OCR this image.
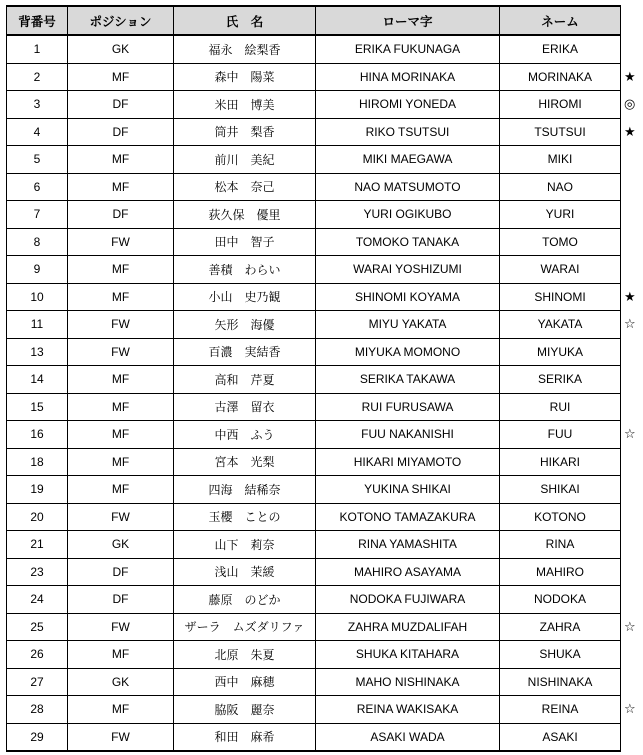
背番号	ポジション	氏　名	ローマ字	ネーム	
1	GK	福永　絵梨香	ERIKA FUKUNAGA	ERIKA	
2	MF	森中　陽菜	HINA MORINAKA	MORINAKA	★
3	DF	米田　博美	HIROMI YONEDA	HIROMI	◎
4	DF	筒井　梨香	RIKO TSUTSUI	TSUTSUI	★
5	MF	前川　美紀	MIKI MAEGAWA	MIKI	
6	MF	松本　奈己	NAO MATSUMOTO	NAO	
7	DF	荻久保　優里	YURI OGIKUBO	YURI	
8	FW	田中　智子	TOMOKO TANAKA	TOMO	
9	MF	善積　わらい	WARAI YOSHIZUMI	WARAI	
10	MF	小山　史乃観	SHINOMI KOYAMA	SHINOMI	★
11	FW	矢形　海優	MIYU YAKATA	YAKATA	☆
13	FW	百濃　実結香	MIYUKA MOMONO	MIYUKA	
14	MF	高和　芹夏	SERIKA TAKAWA	SERIKA	
15	MF	古澤　留衣	RUI FURUSAWA	RUI	
16	MF	中西　ふう	FUU NAKANISHI	FUU	☆
18	MF	宮本　光梨	HIKARI MIYAMOTO	HIKARI	
19	MF	四海　結稀奈	YUKINA SHIKAI	SHIKAI	
20	FW	玉櫻　ことの	KOTONO TAMAZAKURA	KOTONO	
21	GK	山下　莉奈	RINA YAMASHITA	RINA	
23	DF	浅山　茉緩	MAHIRO ASAYAMA	MAHIRO	
24	DF	藤原　のどか	NODOKA FUJIWARA	NODOKA	
25	FW	ザーラ　ムズダリファ	ZAHRA MUZDALIFAH	ZAHRA	☆
26	MF	北原　朱夏	SHUKA KITAHARA	SHUKA	
27	GK	西中　麻穂	MAHO NISHINAKA	NISHINAKA	
28	MF	脇阪　麗奈	REINA WAKISAKA	REINA	☆
29	FW	和田　麻希	ASAKI WADA	ASAKI	
